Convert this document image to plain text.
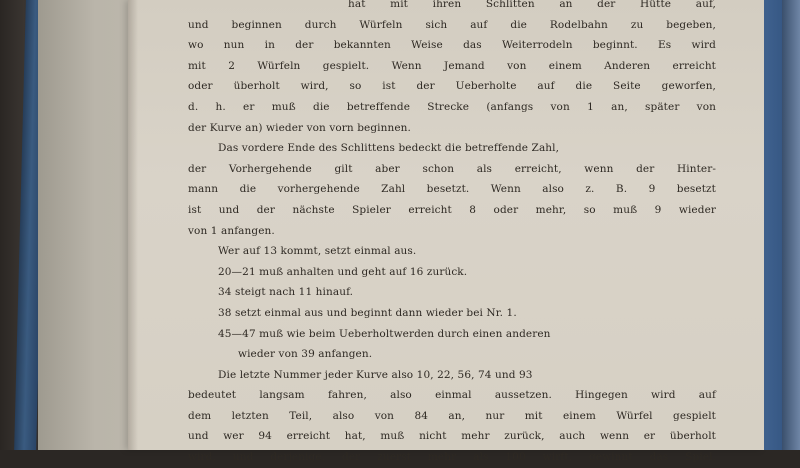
hat mit ihren Schlitten an der Hütte auf,
und beginnen durch Würfeln sich auf die Rodelbahn zu begeben,
wo nun in der bekannten Weise das Weiterrodeln beginnt. Es wird
mit 2 Würfeln gespielt. Wenn Jemand von einem Anderen erreicht
oder überholt wird, so ist der Ueberholte auf die Seite geworfen,
d. h. er muß die betreffende Strecke (anfangs von 1 an, später von
der Kurve an) wieder von vorn beginnen.
Das vordere Ende des Schlittens bedeckt die betreffende Zahl,
der Vorhergehende gilt aber schon als erreicht, wenn der Hinter-
mann die vorhergehende Zahl besetzt. Wenn also z. B. 9 besetzt
ist und der nächste Spieler erreicht 8 oder mehr, so muß 9 wieder
von 1 anfangen.
Wer auf 13 kommt, setzt einmal aus.
20—21 muß anhalten und geht auf 16 zurück.
34 steigt nach 11 hinauf.
38 setzt einmal aus und beginnt dann wieder bei Nr. 1.
45—47 muß wie beim Ueberholtwerden durch einen anderen
wieder von 39 anfangen.
Die letzte Nummer jeder Kurve also 10, 22, 56, 74 und 93
bedeutet langsam fahren, also einmal aussetzen. Hingegen wird auf
dem letzten Teil, also von 84 an, nur mit einem Würfel gespielt
und wer 94 erreicht hat, muß nicht mehr zurück, auch wenn er überholt
wird, und derjenige, der zuerst mehr als 100 wirft, gewinnt das Spiel.
